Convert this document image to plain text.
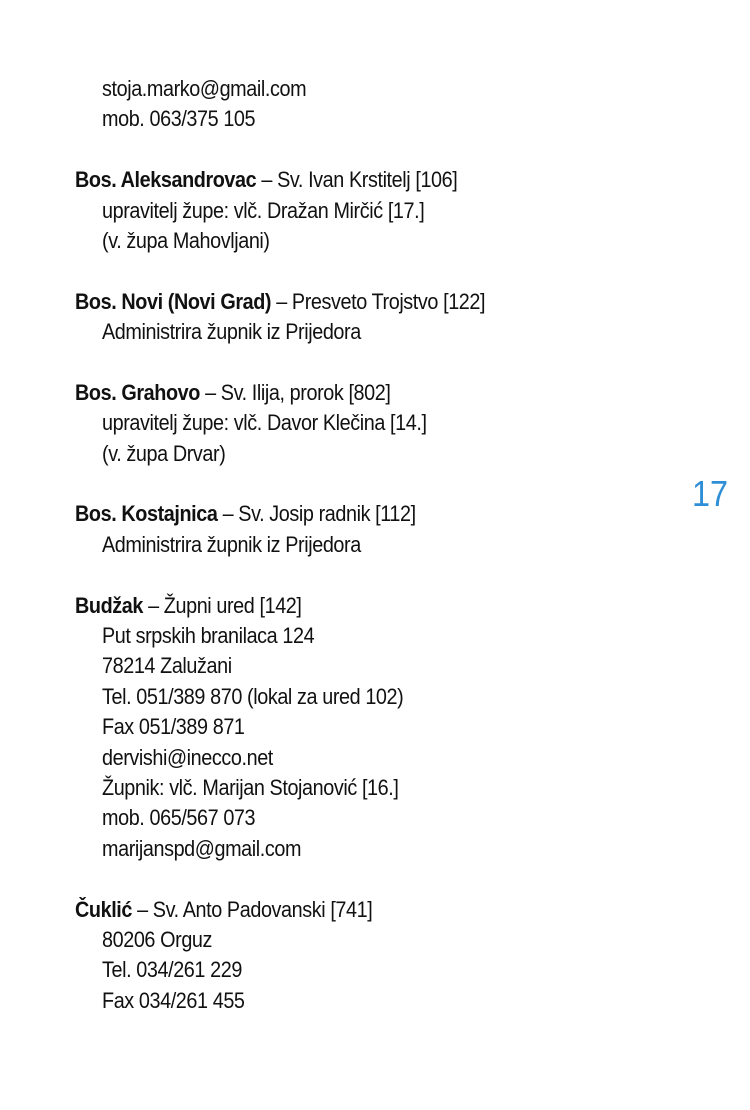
stoja.marko@gmail.com
mob. 063/375 105
Bos. Aleksandrovac – Sv. Ivan Krstitelj [106]
upravitelj župe: vlč. Dražan Mirčić [17.]
(v. župa Mahovljani)
Bos. Novi (Novi Grad) – Presveto Trojstvo [122]
Administrira župnik iz Prijedora
Bos. Grahovo – Sv. Ilija, prorok [802]
upravitelj župe: vlč. Davor Klečina [14.]
(v. župa Drvar)
Bos. Kostajnica – Sv. Josip radnik [112]
Administrira župnik iz Prijedora
Budžak – Župni ured [142]
Put srpskih branilaca 124
78214 Zalužani
Tel. 051/389 870 (lokal za ured 102)
Fax 051/389 871
dervishi@inecco.net
Župnik: vlč. Marijan Stojanović [16.]
mob. 065/567 073
marijanspd@gmail.com
Čuklić – Sv. Anto Padovanski [741]
80206 Orguz
Tel. 034/261 229
Fax 034/261 455
17
